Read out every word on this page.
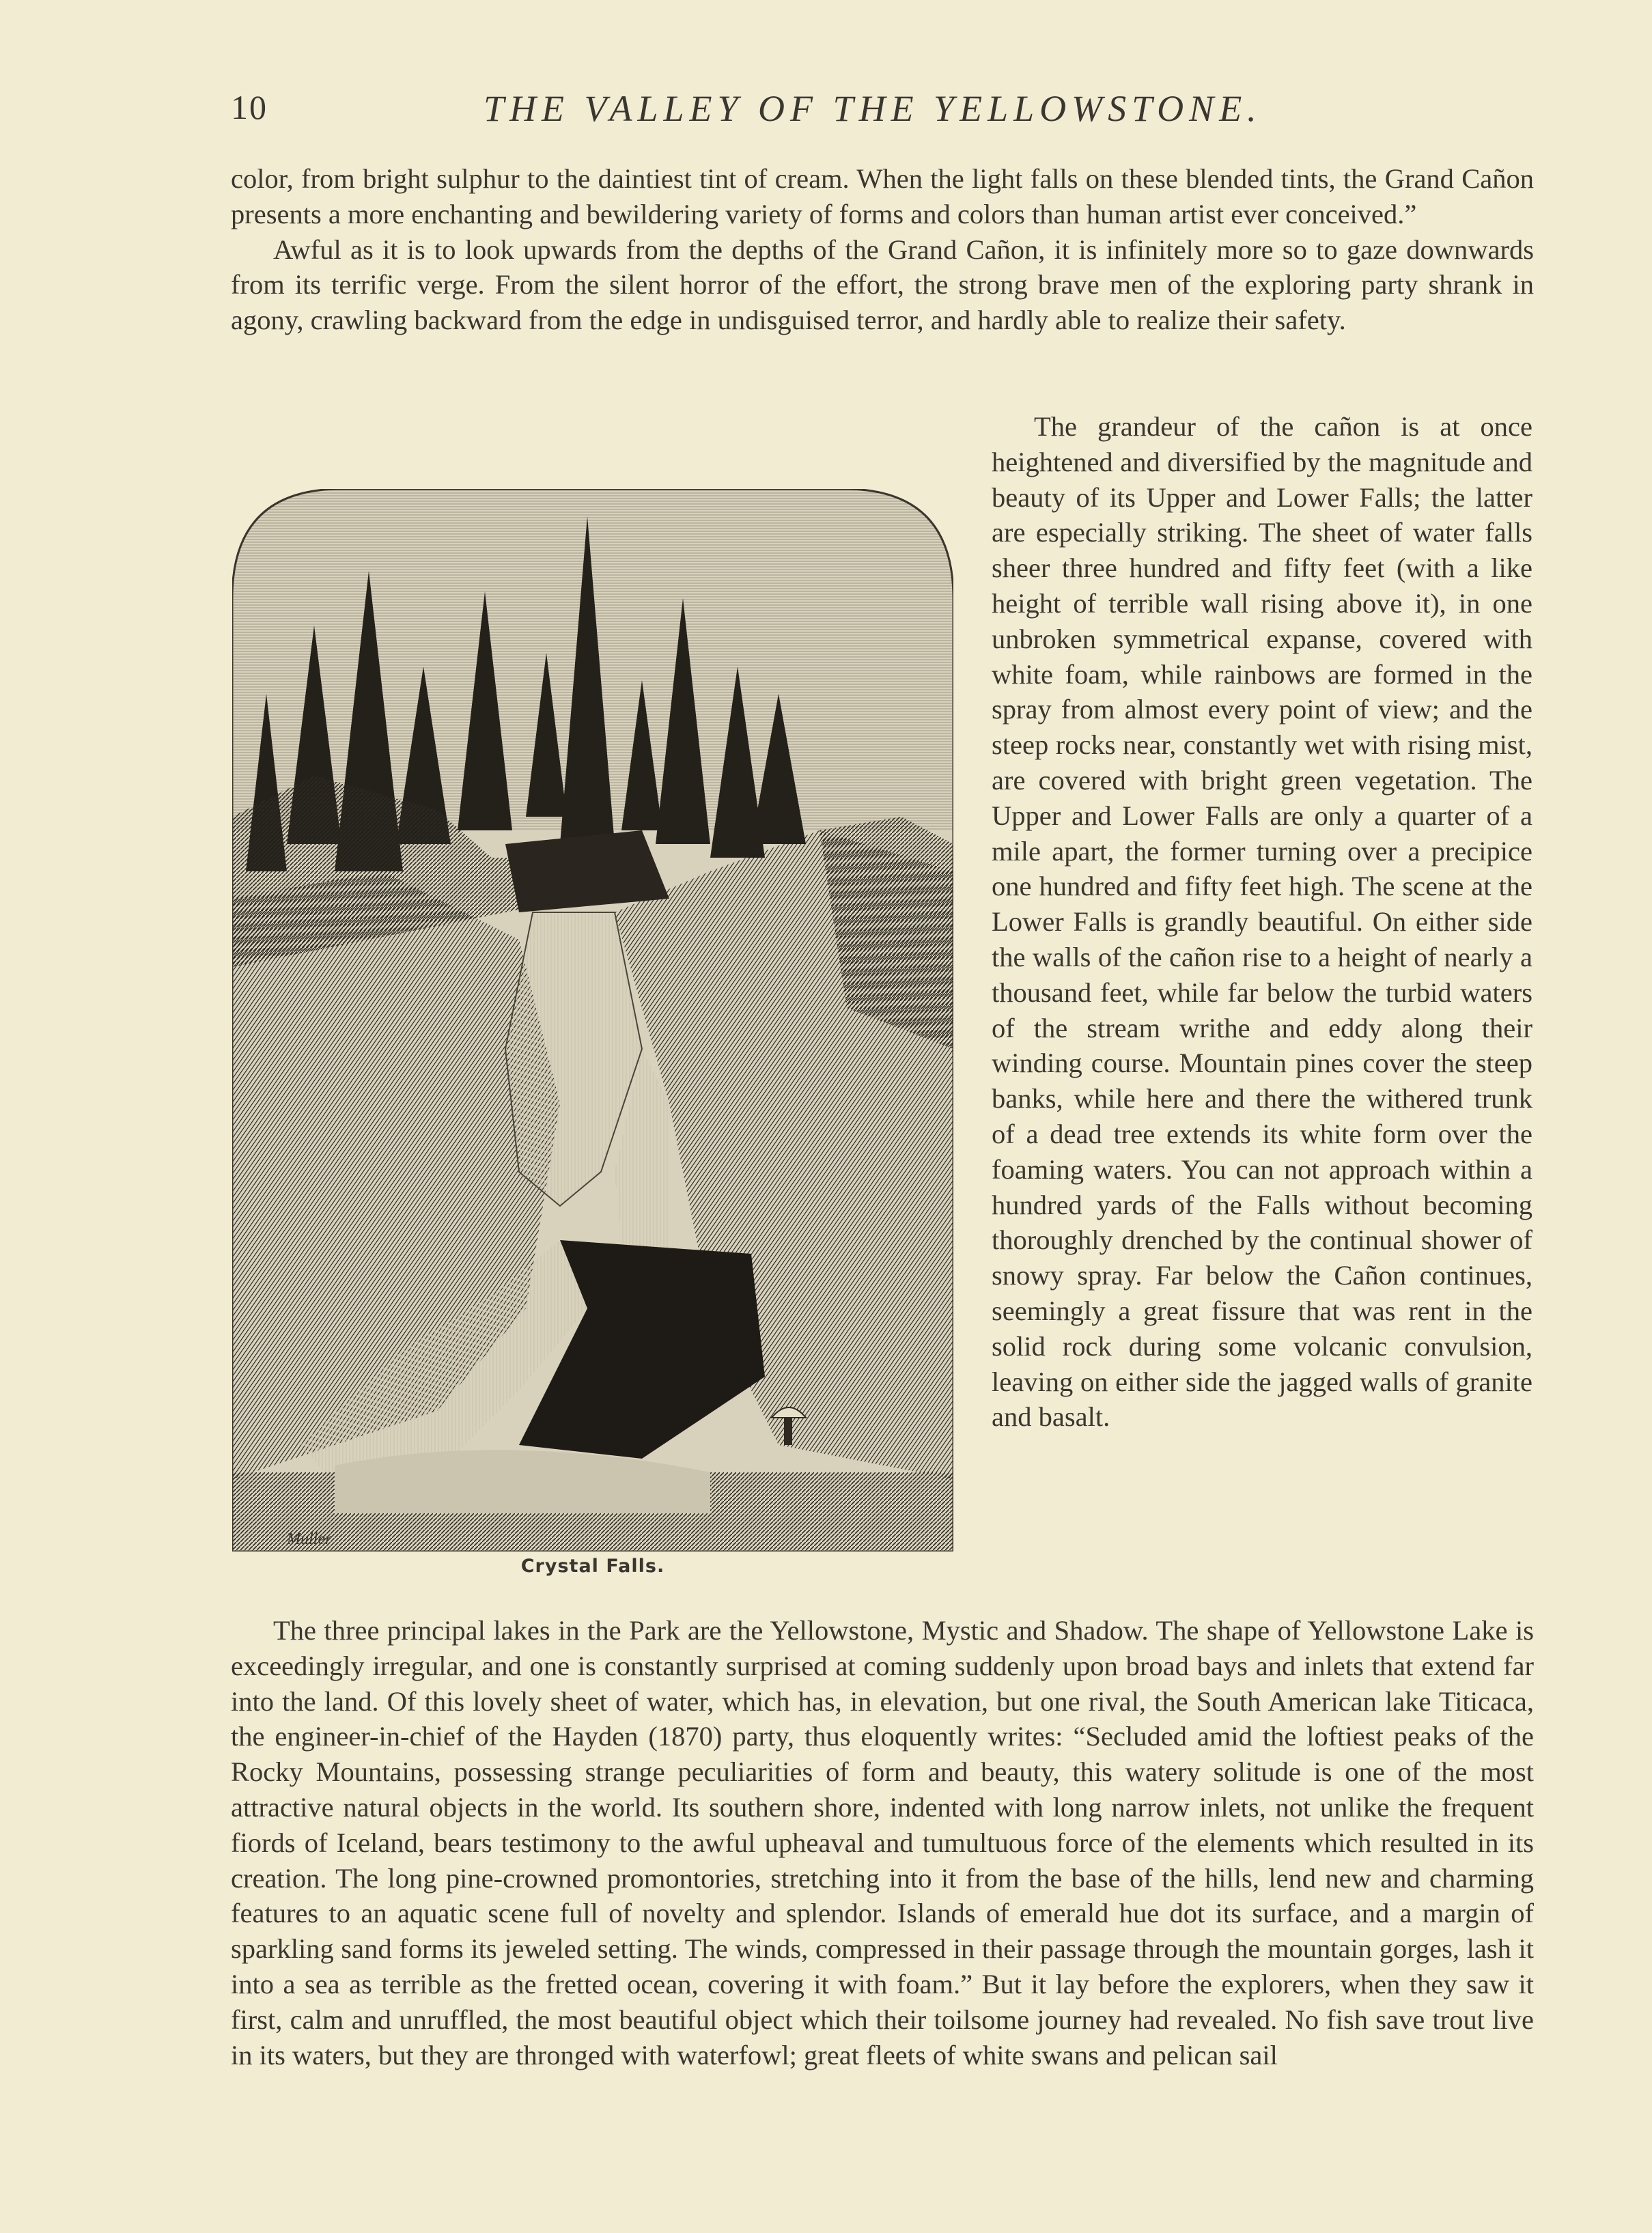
10	THE VALLEY OF THE YELLOWSTONE.

color, from bright sulphur to the daintiest tint of cream. When the light falls on these blended tints, the Grand Cañon presents a more enchanting and bewildering variety of forms and colors than human artist ever conceived.”

Awful as it is to look upwards from the depths of the Grand Cañon, it is infinitely more so to gaze downwards from its terrific verge. From the silent horror of the effort, the strong brave men of the exploring party shrank in agony, crawling backward from the edge in undisguised terror, and hardly able to realize their safety.

Muller
Crystal Falls.

The grandeur of the cañon is at once heightened and diversified by the magnitude and beauty of its Upper and Lower Falls; the latter are especially striking. The sheet of water falls sheer three hundred and fifty feet (with a like height of terrible wall rising above it), in one unbroken symmetrical expanse, covered with white foam, while rainbows are formed in the spray from almost every point of view; and the steep rocks near, constantly wet with rising mist, are covered with bright green vegetation. The Upper and Lower Falls are only a quarter of a mile apart, the former turning over a precipice one hundred and fifty feet high. The scene at the Lower Falls is grandly beautiful. On either side the walls of the cañon rise to a height of nearly a thousand feet, while far below the turbid waters of the stream writhe and eddy along their winding course. Mountain pines cover the steep banks, while here and there the withered trunk of a dead tree extends its white form over the foaming waters. You can not approach within a hundred yards of the Falls without becoming thoroughly drenched by the continual shower of snowy spray. Far below the Cañon continues, seemingly a great fissure that was rent in the solid rock during some volcanic convulsion, leaving on either side the jagged walls of granite and basalt.

The three principal lakes in the Park are the Yellowstone, Mystic and Shadow. The shape of Yellowstone Lake is exceedingly irregular, and one is constantly surprised at coming suddenly upon broad bays and inlets that extend far into the land. Of this lovely sheet of water, which has, in elevation, but one rival, the South American lake Titicaca, the engineer-in-chief of the Hayden (1870) party, thus eloquently writes: “Secluded amid the loftiest peaks of the Rocky Mountains, possessing strange peculiarities of form and beauty, this watery solitude is one of the most attractive natural objects in the world. Its southern shore, indented with long narrow inlets, not unlike the frequent fiords of Iceland, bears testimony to the awful upheaval and tumultuous force of the elements which resulted in its creation. The long pine-crowned promontories, stretching into it from the base of the hills, lend new and charming features to an aquatic scene full of novelty and splendor. Islands of emerald hue dot its surface, and a margin of sparkling sand forms its jeweled setting. The winds, compressed in their passage through the mountain gorges, lash it into a sea as terrible as the fretted ocean, covering it with foam.” But it lay before the explorers, when they saw it first, calm and unruffled, the most beautiful object which their toilsome journey had revealed. No fish save trout live in its waters, but they are thronged with waterfowl; great fleets of white swans and pelican sail
